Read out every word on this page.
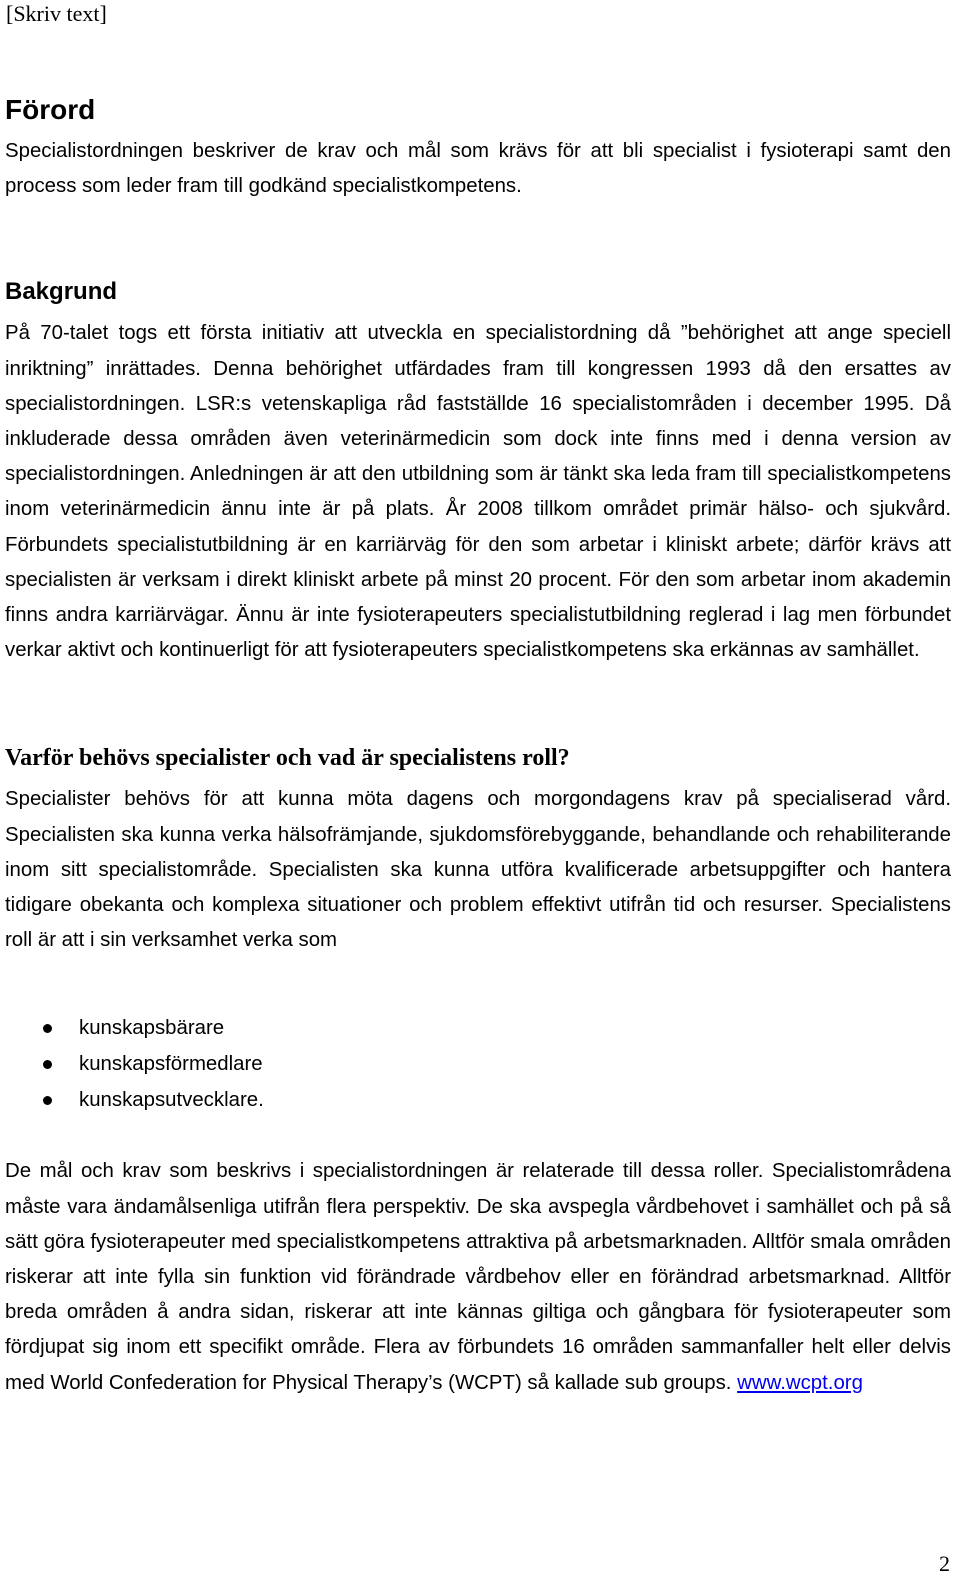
[Skriv text]
Förord

Specialistordningen beskriver de krav och mål som krävs för att bli specialist i fysioterapi samt den process som leder fram till godkänd specialistkompetens.

Bakgrund

På 70-talet togs ett första initiativ att utveckla en specialistordning då ”behörighet att ange speciell inriktning” inrättades. Denna behörighet utfärdades fram till kongressen 1993 då den ersattes av specialistordningen. LSR:s vetenskapliga råd fastställde 16 specialistområden i december 1995. Då inkluderade dessa områden även veterinärmedicin som dock inte finns med i denna version av specialistordningen. Anledningen är att den utbildning som är tänkt ska leda fram till specialistkompetens inom veterinärmedicin ännu inte är på plats. År 2008 tillkom området primär hälso- och sjukvård. Förbundets specialistutbildning är en karriärväg för den som arbetar i kliniskt arbete; därför krävs att specialisten är verksam i direkt kliniskt arbete på minst 20 procent. För den som arbetar inom akademin finns andra karriärvägar. Ännu är inte fysioterapeuters specialistutbildning reglerad i lag men förbundet verkar aktivt och kontinuerligt för att fysioterapeuters specialistkompetens ska erkännas av samhället.

Varför behövs specialister och vad är specialistens roll?

Specialister behövs för att kunna möta dagens och morgondagens krav på specialiserad vård. Specialisten ska kunna verka hälsofrämjande, sjukdomsförebyggande, behandlande och rehabiliterande inom sitt specialistområde. Specialisten ska kunna utföra kvalificerade arbetsuppgifter och hantera tidigare obekanta och komplexa situationer och problem effektivt utifrån tid och resurser. Specialistens roll är att i sin verksamhet verka som

kunskapsbärare
kunskapsförmedlare
kunskapsutvecklare.

De mål och krav som beskrivs i specialistordningen är relaterade till dessa roller. Specialistområdena måste vara ändamålsenliga utifrån flera perspektiv. De ska avspegla vårdbehovet i samhället och på så sätt göra fysioterapeuter med specialistkompetens attraktiva på arbetsmarknaden. Alltför smala områden riskerar att inte fylla sin funktion vid förändrade vårdbehov eller en förändrad arbetsmarknad. Alltför breda områden å andra sidan, riskerar att inte kännas giltiga och gångbara för fysioterapeuter som fördjupat sig inom ett specifikt område. Flera av förbundets 16 områden sammanfaller helt eller delvis med World Confederation for Physical Therapy’s (WCPT) så kallade sub groups. www.wcpt.org

2
